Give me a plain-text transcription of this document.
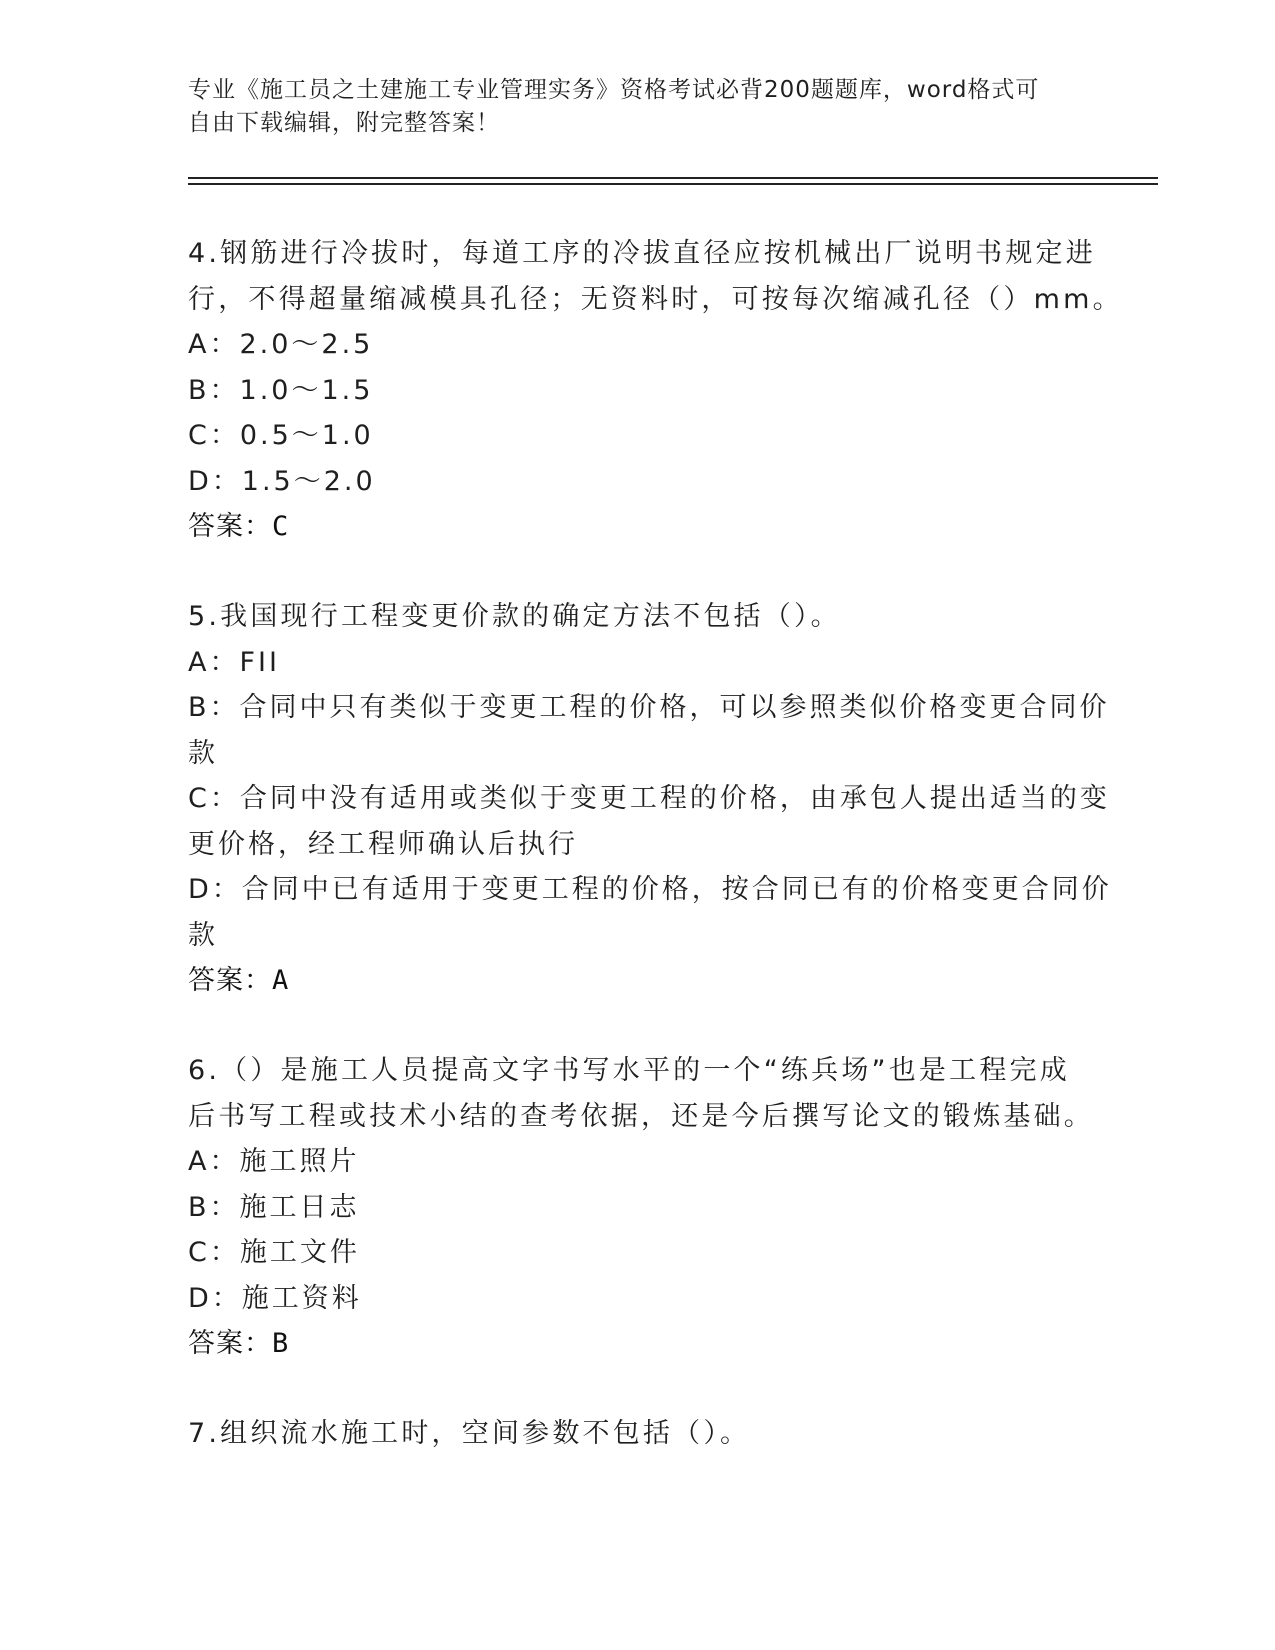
专业《施工员之土建施工专业管理实务》资格考试必背200题题库，word格式可
自由下载编辑，附完整答案！
4.钢筋进行冷拔时，每道工序的冷拔直径应按机械出厂说明书规定进
行，不得超量缩减模具孔径；无资料时，可按每次缩减孔径（）mm。
A： 2.0～2.5
B： 1.0～1.5
C： 0.5～1.0
D： 1.5～2.0
答案：C
5.我国现行工程变更价款的确定方法不包括（）。
A： FII
B： 合同中只有类似于变更工程的价格，可以参照类似价格变更合同价
款
C： 合同中没有适用或类似于变更工程的价格，由承包人提出适当的变
更价格，经工程师确认后执行
D： 合同中已有适用于变更工程的价格，按合同已有的价格变更合同价
款
答案：A
6.（）是施工人员提高文字书写水平的一个“练兵场”也是工程完成
后书写工程或技术小结的查考依据，还是今后撰写论文的锻炼基础。
A： 施工照片
B： 施工日志
C： 施工文件
D： 施工资料
答案：B
7.组织流水施工时，空间参数不包括（）。
